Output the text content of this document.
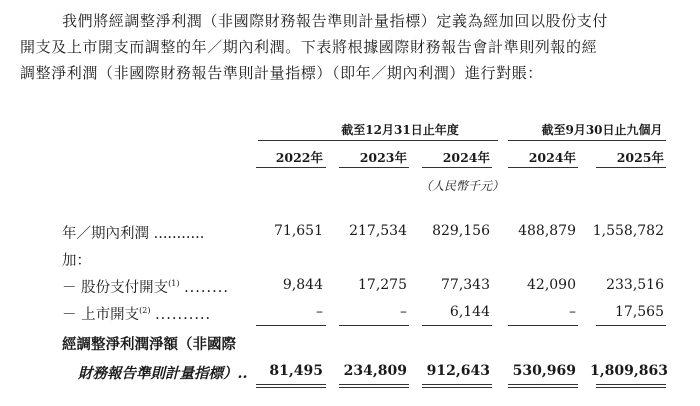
我們將經調整淨利潤（非國際財務報告準則計量指標）定義為經加回以股份支付
開支及上市開支而調整的年／期內利潤。下表將根據國際財務報告會計準則列報的經
調整淨利潤（非國際財務報告準則計量指標）（即年／期內利潤）進行對賬：
截至12月31日止年度	截至9月30日止九個月
2022年	2023年	2024年	2024年	2025年
（人民幣千元）
年／期內利潤 ...........	71,651	217,534	829,156	488,879 1,558,782
加：
－ 股份支付開支$^{(1)}$ ........	9,844	17,275	77,343	42,090	233,516
－ 上市開支$^{(2)}$ ..........	–	–	6,144	–	17,565
經調整淨利潤淨額（非國際
財務報告準則計量指標）..	81,495	234,809	912,643	530,969 1,809,863
